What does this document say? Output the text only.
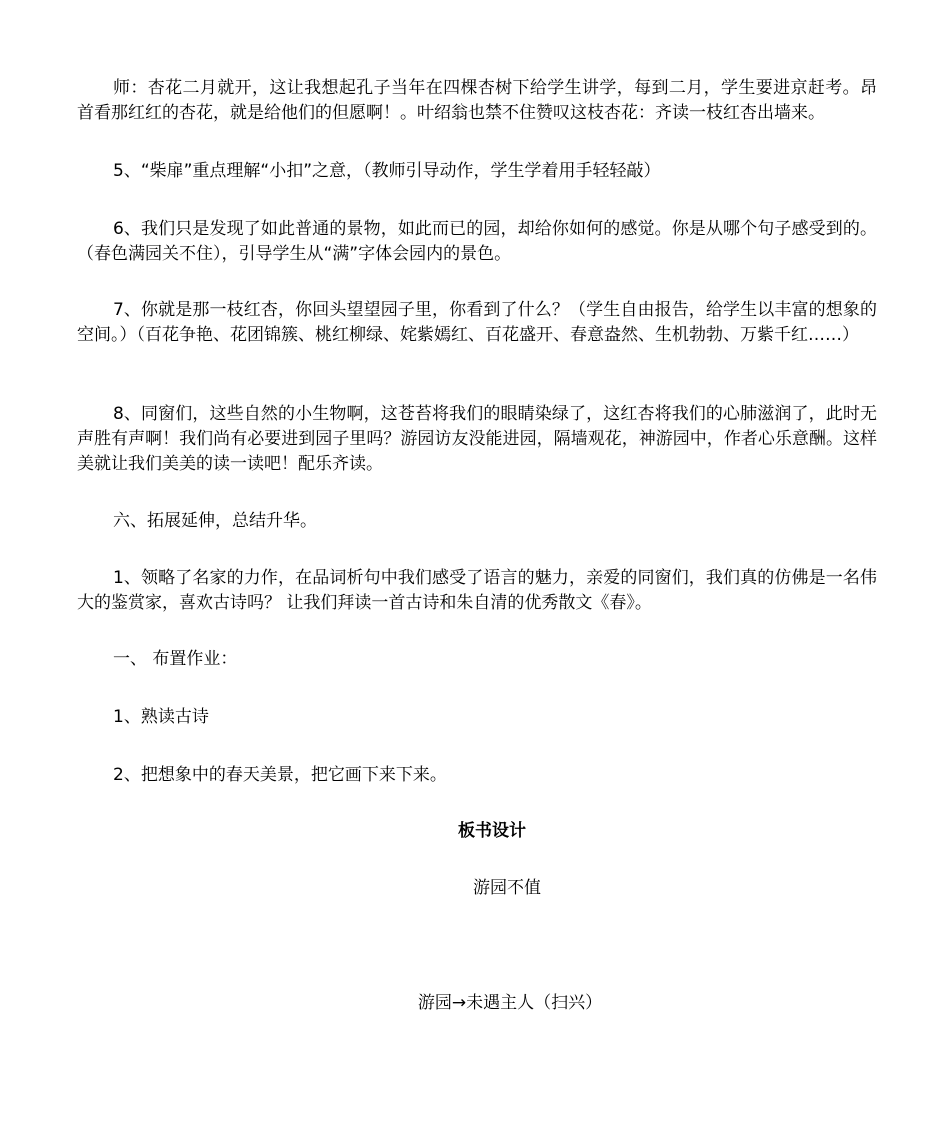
师：杏花二月就开，这让我想起孔子当年在四棵杏树下给学生讲学，每到二月，学生要进京赶考。昂首看那红红的杏花，就是给他们的但愿啊！。叶绍翁也禁不住赞叹这枝杏花：齐读一枝红杏出墙来。

5、“柴扉”重点理解“小扣”之意，（教师引导动作，学生学着用手轻轻敲）

6、我们只是发现了如此普通的景物，如此而已的园，却给你如何的感觉。你是从哪个句子感受到的。（春色满园关不住），引导学生从“满”字体会园内的景色。

7、你就是那一枝红杏，你回头望望园子里，你看到了什么？（学生自由报告，给学生以丰富的想象的空间。）（百花争艳、花团锦簇、桃红柳绿、姹紫嫣红、百花盛开、春意盎然、生机勃勃、万紫千红……）

8、同窗们，这些自然的小生物啊，这苍苔将我们的眼睛染绿了，这红杏将我们的心肺滋润了，此时无声胜有声啊！我们尚有必要进到园子里吗？游园访友没能进园，隔墙观花，神游园中，作者心乐意酬。这样美就让我们美美的读一读吧！配乐齐读。

六、拓展延伸，总结升华。

1、领略了名家的力作，在品词析句中我们感受了语言的魅力，亲爱的同窗们，我们真的仿佛是一名伟大的鉴赏家，喜欢古诗吗？ 让我们拜读一首古诗和朱自清的优秀散文《春》。

一、 布置作业：

1、熟读古诗

2、把想象中的春天美景，把它画下来下来。

板书设计

游园不值

游园→未遇主人（扫兴）
